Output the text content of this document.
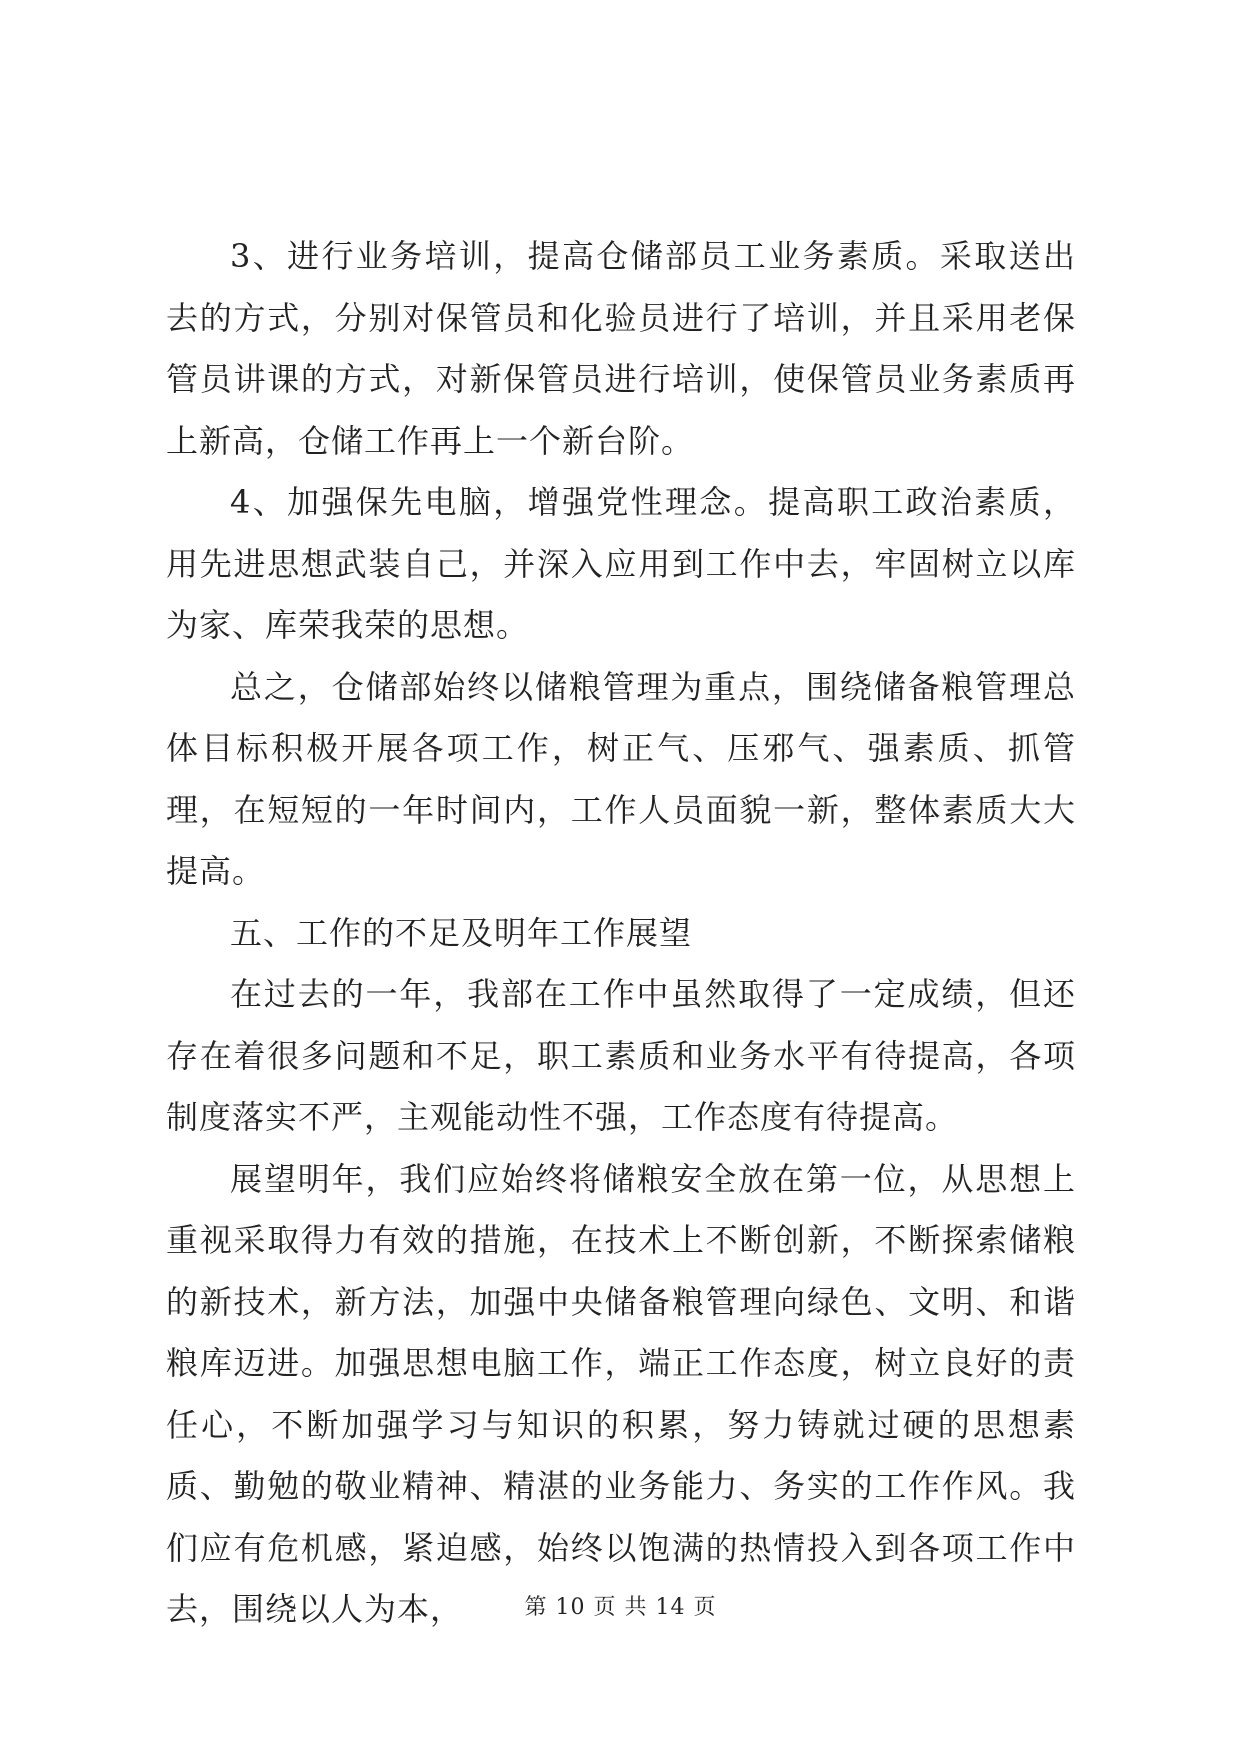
3、进行业务培训，提高仓储部员工业务素质。采取送出去的方式，分别对保管员和化验员进行了培训，并且采用老保管员讲课的方式，对新保管员进行培训，使保管员业务素质再上新高，仓储工作再上一个新台阶。

4、加强保先电脑，增强党性理念。提高职工政治素质，用先进思想武装自己，并深入应用到工作中去，牢固树立以库为家、库荣我荣的思想。

总之，仓储部始终以储粮管理为重点，围绕储备粮管理总体目标积极开展各项工作，树正气、压邪气、强素质、抓管理，在短短的一年时间内，工作人员面貌一新，整体素质大大提高。

五、工作的不足及明年工作展望

在过去的一年，我部在工作中虽然取得了一定成绩，但还存在着很多问题和不足，职工素质和业务水平有待提高，各项制度落实不严，主观能动性不强，工作态度有待提高。

展望明年，我们应始终将储粮安全放在第一位，从思想上重视采取得力有效的措施，在技术上不断创新，不断探索储粮的新技术，新方法，加强中央储备粮管理向绿色、文明、和谐粮库迈进。加强思想电脑工作，端正工作态度，树立良好的责任心，不断加强学习与知识的积累，努力铸就过硬的思想素质、勤勉的敬业精神、精湛的业务能力、务实的工作作风。我们应有危机感，紧迫感，始终以饱满的热情投入到各项工作中去，围绕以人为本，	第 10 页 共 14 页
